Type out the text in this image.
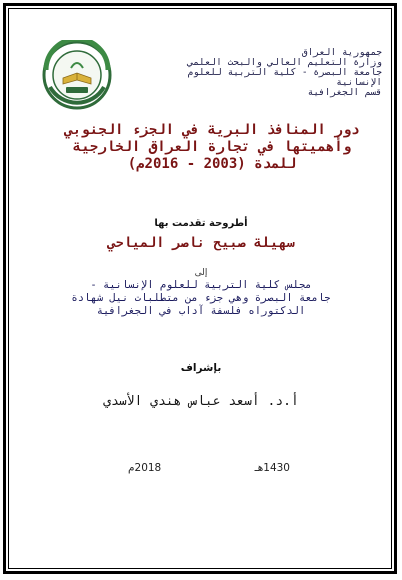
جمهورية العراق
وزارة التعليم العالي والبحث العلمي
جامعة البصرة - كلية التربية للعلوم الإنسانية
قسم الجغرافية
دور المنافذ البرية في الجزء الجنوبي
وأهميتها في تجارة العراق الخارجية
للمدة (2003 - 2016م)
أطروحة تقدمت بها
سهيلة صبيح ناصر المياحي
إلى
مجلس كلية التربية للعلوم الإنسانية -
جامعة البصرة وهي جزء من متطلبات نيل شهادة
الدكتوراه فلسفة آداب في الجغرافية
بإشراف
أ.د. أسعد عباس هندي الأسدي
1430هـ
2018م
